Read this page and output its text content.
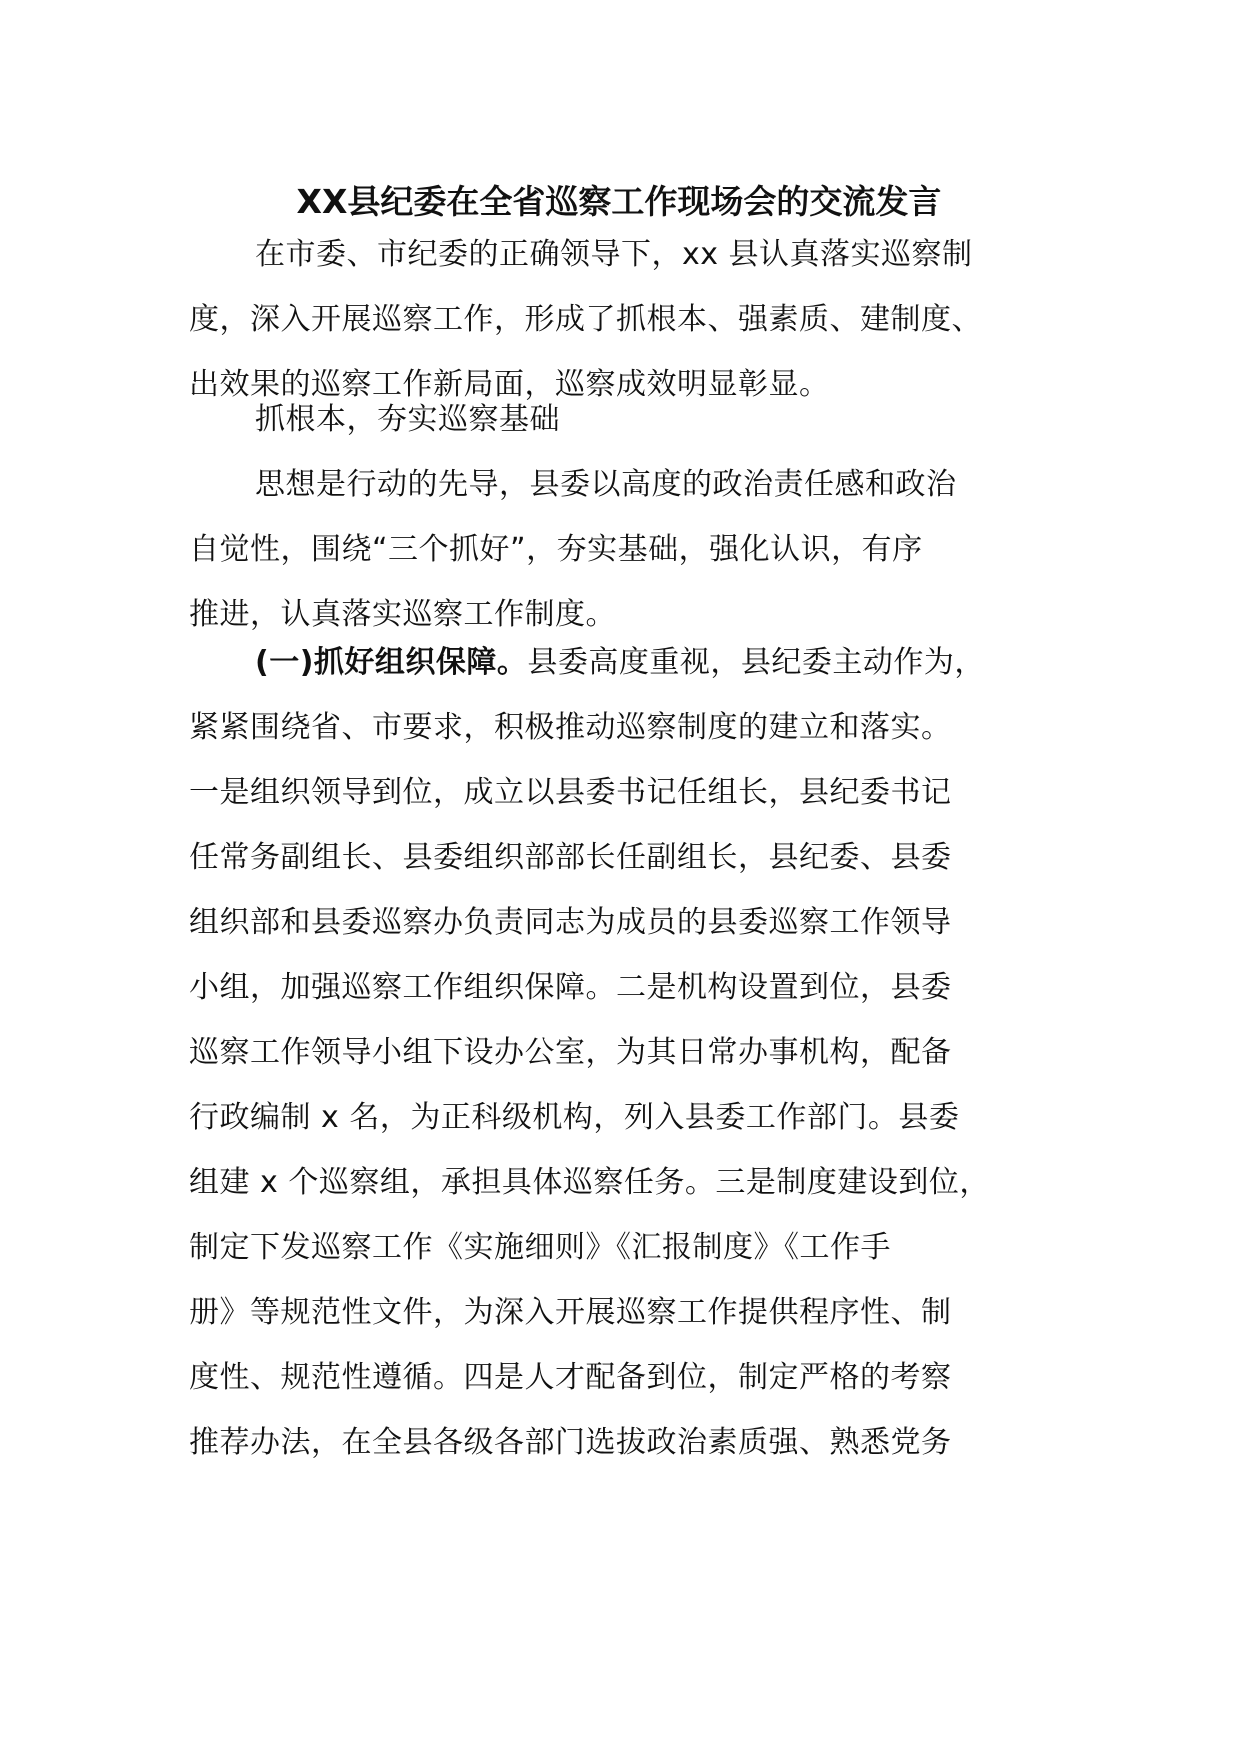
XX县纪委在全省巡察工作现场会的交流发言
在市委、市纪委的正确领导下，xx 县认真落实巡察制
度，深入开展巡察工作，形成了抓根本、强素质、建制度、
出效果的巡察工作新局面，巡察成效明显彰显。
抓根本，夯实巡察基础
思想是行动的先导，县委以高度的政治责任感和政治
自觉性，围绕“三个抓好”，夯实基础，强化认识，有序
推进，认真落实巡察工作制度。
(一)抓好组织保障。县委高度重视，县纪委主动作为，
紧紧围绕省、市要求，积极推动巡察制度的建立和落实。
一是组织领导到位，成立以县委书记任组长，县纪委书记
任常务副组长、县委组织部部长任副组长，县纪委、县委
组织部和县委巡察办负责同志为成员的县委巡察工作领导
小组，加强巡察工作组织保障。二是机构设置到位，县委
巡察工作领导小组下设办公室，为其日常办事机构，配备
行政编制 x 名，为正科级机构，列入县委工作部门。县委
组建 x 个巡察组，承担具体巡察任务。三是制度建设到位，
制定下发巡察工作《实施细则》《汇报制度》《工作手
册》等规范性文件，为深入开展巡察工作提供程序性、制
度性、规范性遵循。四是人才配备到位，制定严格的考察
推荐办法，在全县各级各部门选拔政治素质强、熟悉党务
